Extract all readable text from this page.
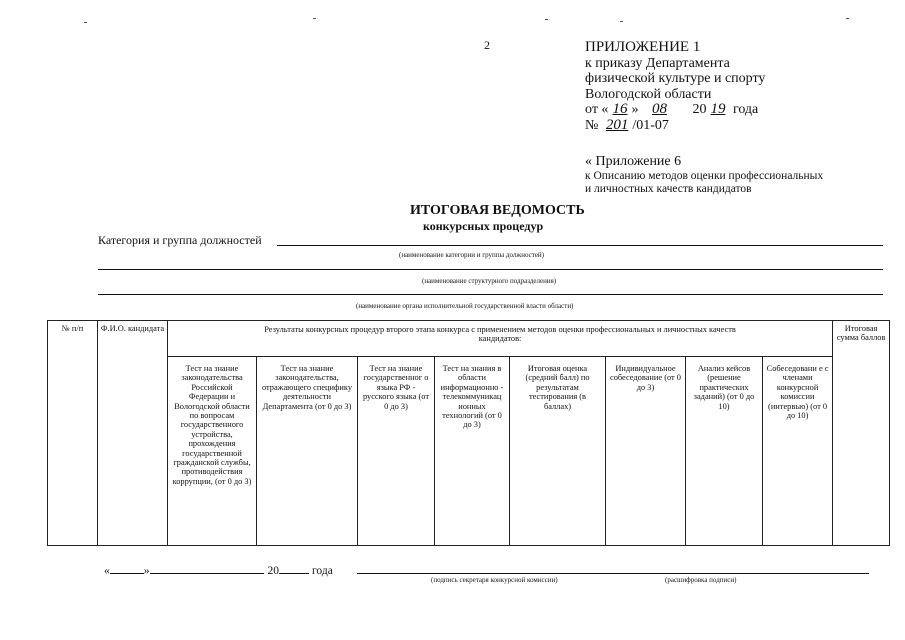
2	ПРИЛОЖЕНИЕ 1
к приказу Департамента
физической культуре и спорту
Вологодской области
от « 16 » 08 20 19 года
№ 201 /01-07
« Приложение 6
к Описанию методов оценки профессиональных
и личностных качеств кандидатов
ИТОГОВАЯ ВЕДОМОСТЬ
конкурсных процедур
Категория и группа должностей
(наименование категории и группы должностей)
(наименование структурного подразделения)
(наименование органа исполнительной государственной власти области)
№ п/п	Ф.И.О. кандидата	Результаты конкурсных процедур второго этапа конкурса с применением методов оценки профессиональных и личностных качеств кандидатов:								Итоговая сумма баллов
		Тест на знание законодательства Российской Федерации и Вологодской области по вопросам государственного устройства, прохождения государственной гражданской службы, противодействия коррупции, (от 0 до 3)	Тест на знание законодательства, отражающего специфику деятельности Департамента (от 0 до 3)	Тест на знание государственног о языка РФ - русского языка (от 0 до 3)	Тест на знания в области информационно - телекоммуникац ионных технологий (от 0 до 3)	Итоговая оценка (средний балл) по результатам тестирования (в баллах)	Индивидуальное собеседование (от 0 до 3)	Анализ кейсов (решение практических заданий) (от 0 до 10)	Собеседовани е с членами конкурсной комиссии (интервью) (от 0 до 10)	
«	»	20	года
(подпись секретаря конкурсной комиссии)	(расшифровка подписи)
